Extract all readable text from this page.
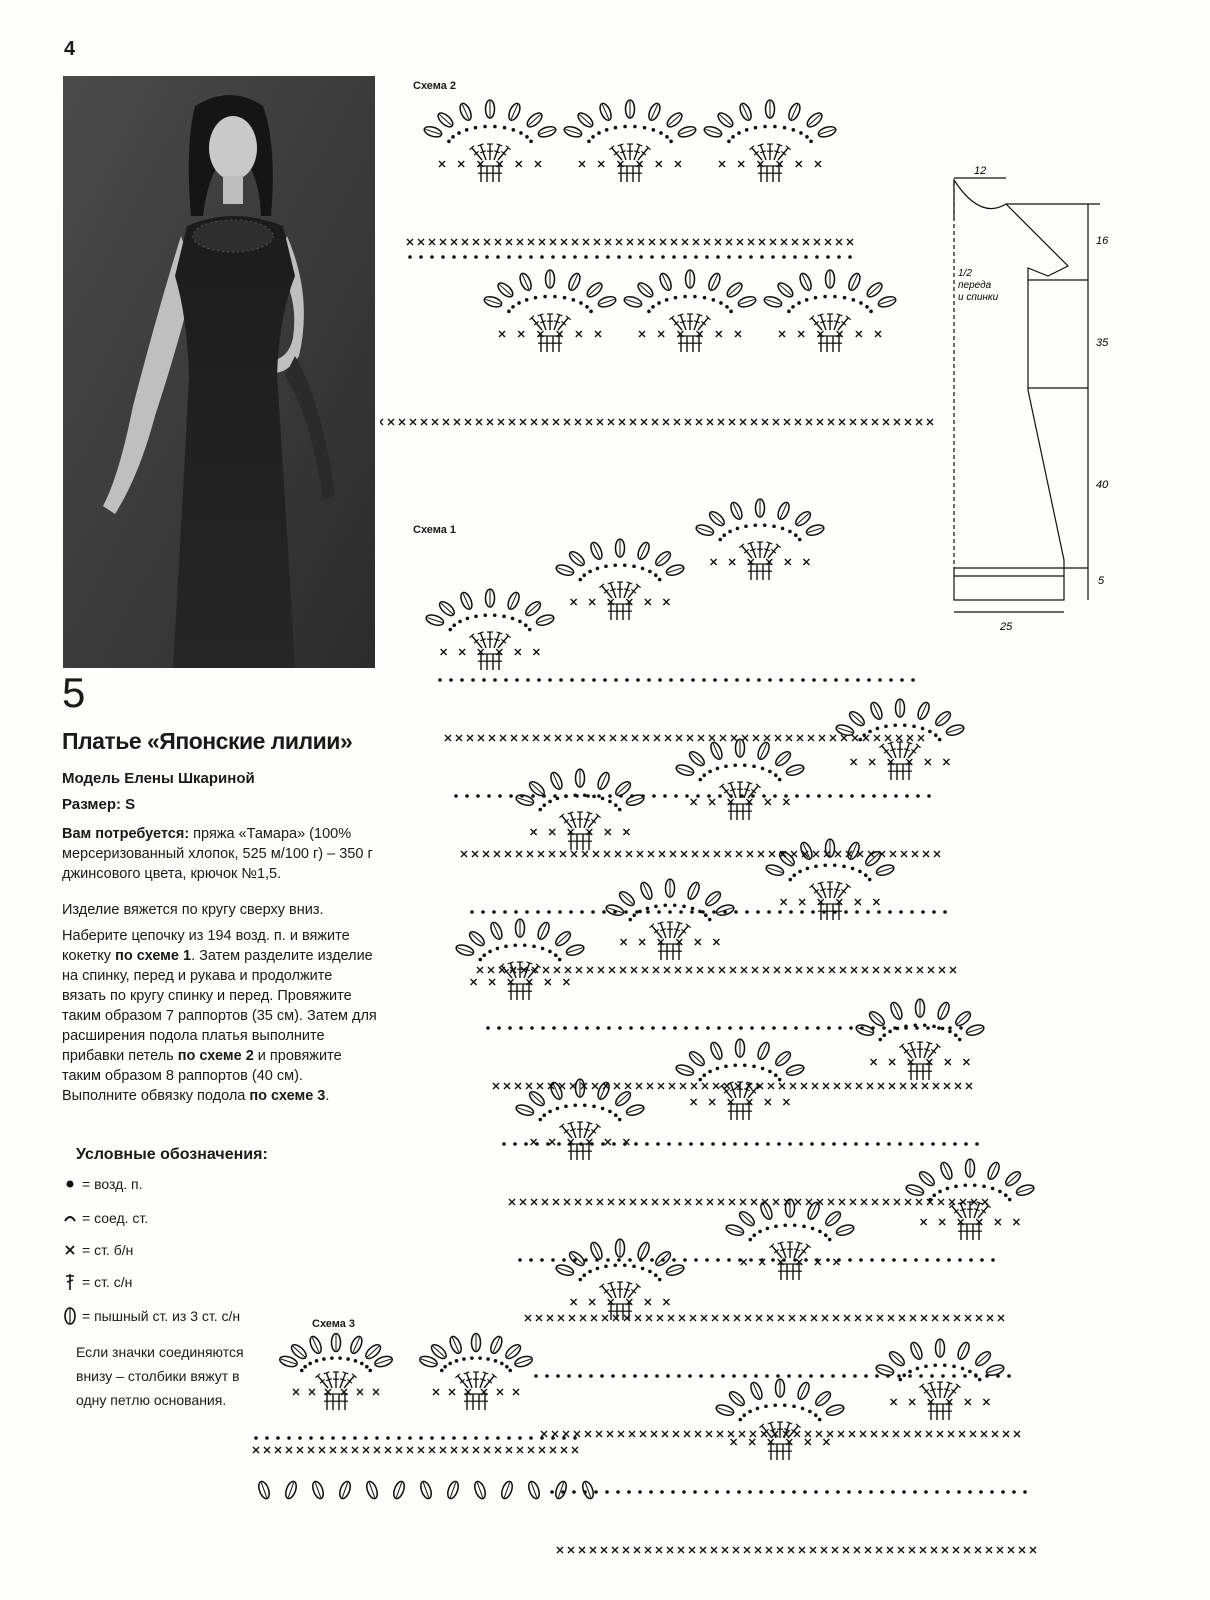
4
5
Платье «Японские лилии»
Модель Елены Шкариной
Размер: S
Вам потребуется: пряжа «Тамара» (100% мерсеризованный хлопок, 525 м/100 г) – 350 г джинсового цвета, крючок №1,5.
Изделие вяжется по кругу сверху вниз.
Наберите цепочку из 194 возд. п. и вяжите кокетку по схеме 1. Затем разделите изделие на спинку, перед и рукава и продолжите вязать по кругу спинку и перед. Провяжите таким образом 7 раппортов (35 см). Затем для расширения подола платья выполните прибавки петель по схеме 2 и провяжите таким образом 8 раппортов (40 см). Выполните обвязку подола по схеме 3.
Условные обозначения:
= возд. п.
= соед. ст.
= ст. б/н
= ст. с/н
= пышный ст. из 3 ст. с/н
Если значки соединяются внизу – столбики вяжут в одну петлю основания.
Схема 2
Схема 1
Схема 3
12
16
35
40
5
25
1/2
переда
и спинки
